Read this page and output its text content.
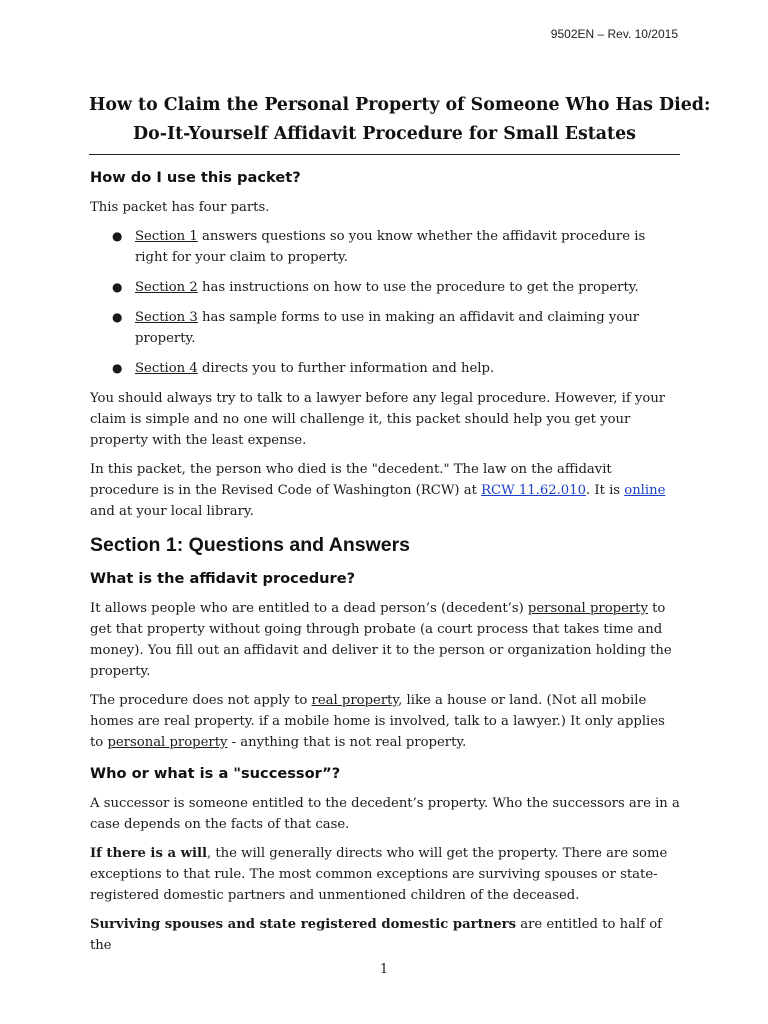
9502EN – Rev. 10/2015
How to Claim the Personal Property of Someone Who Has Died:
Do-It-Yourself Affidavit Procedure for Small Estates
How do I use this packet?

This packet has four parts.

● Section 1 answers questions so you know whether the affidavit procedure is right for your claim to property.
● Section 2 has instructions on how to use the procedure to get the property.
● Section 3 has sample forms to use in making an affidavit and claiming your property.
● Section 4 directs you to further information and help.

You should always try to talk to a lawyer before any legal procedure. However, if your claim is simple and no one will challenge it, this packet should help you get your property with the least expense.

In this packet, the person who died is the "decedent." The law on the affidavit procedure is in the Revised Code of Washington (RCW) at RCW 11.62.010. It is online and at your local library.

Section 1: Questions and Answers
What is the affidavit procedure?

It allows people who are entitled to a dead person’s (decedent’s) personal property to get that property without going through probate (a court process that takes time and money). You fill out an affidavit and deliver it to the person or organization holding the property.

The procedure does not apply to real property, like a house or land. (Not all mobile homes are real property. if a mobile home is involved, talk to a lawyer.) It only applies to personal property - anything that is not real property.

Who or what is a "successor”?

A successor is someone entitled to the decedent’s property. Who the successors are in a case depends on the facts of that case.

If there is a will, the will generally directs who will get the property. There are some exceptions to that rule. The most common exceptions are surviving spouses or state-registered domestic partners and unmentioned children of the deceased.

Surviving spouses and state registered domestic partners are entitled to half of the

1
